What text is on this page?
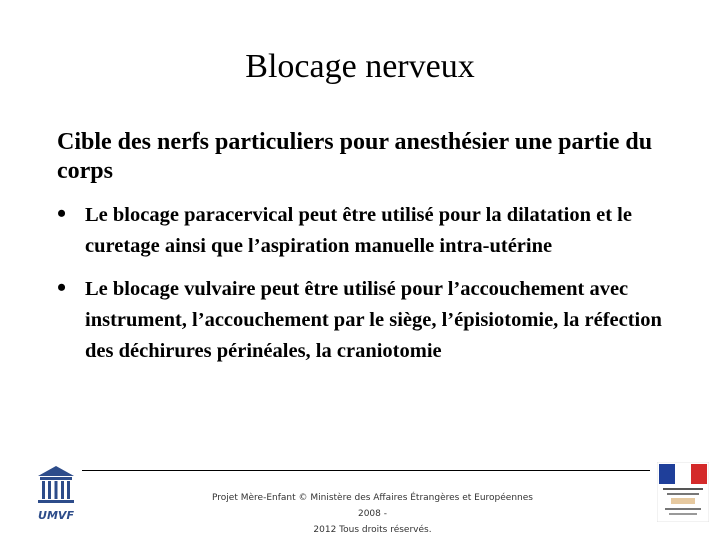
Blocage nerveux
Cible des nerfs particuliers pour anesthésier une partie du corps
• Le blocage paracervical peut être utilisé pour la dilatation et le curetage ainsi que l’aspiration manuelle intra-utérine
• Le blocage vulvaire peut être utilisé pour l’accouchement avec instrument, l’accouchement par le siège, l’épisiotomie, la réfection des déchirures périnéales, la craniotomie
UMVF
Projet Mère-Enfant © Ministère des Affaires Étrangères et Européennes 2008 -
2012 Tous droits réservés.
